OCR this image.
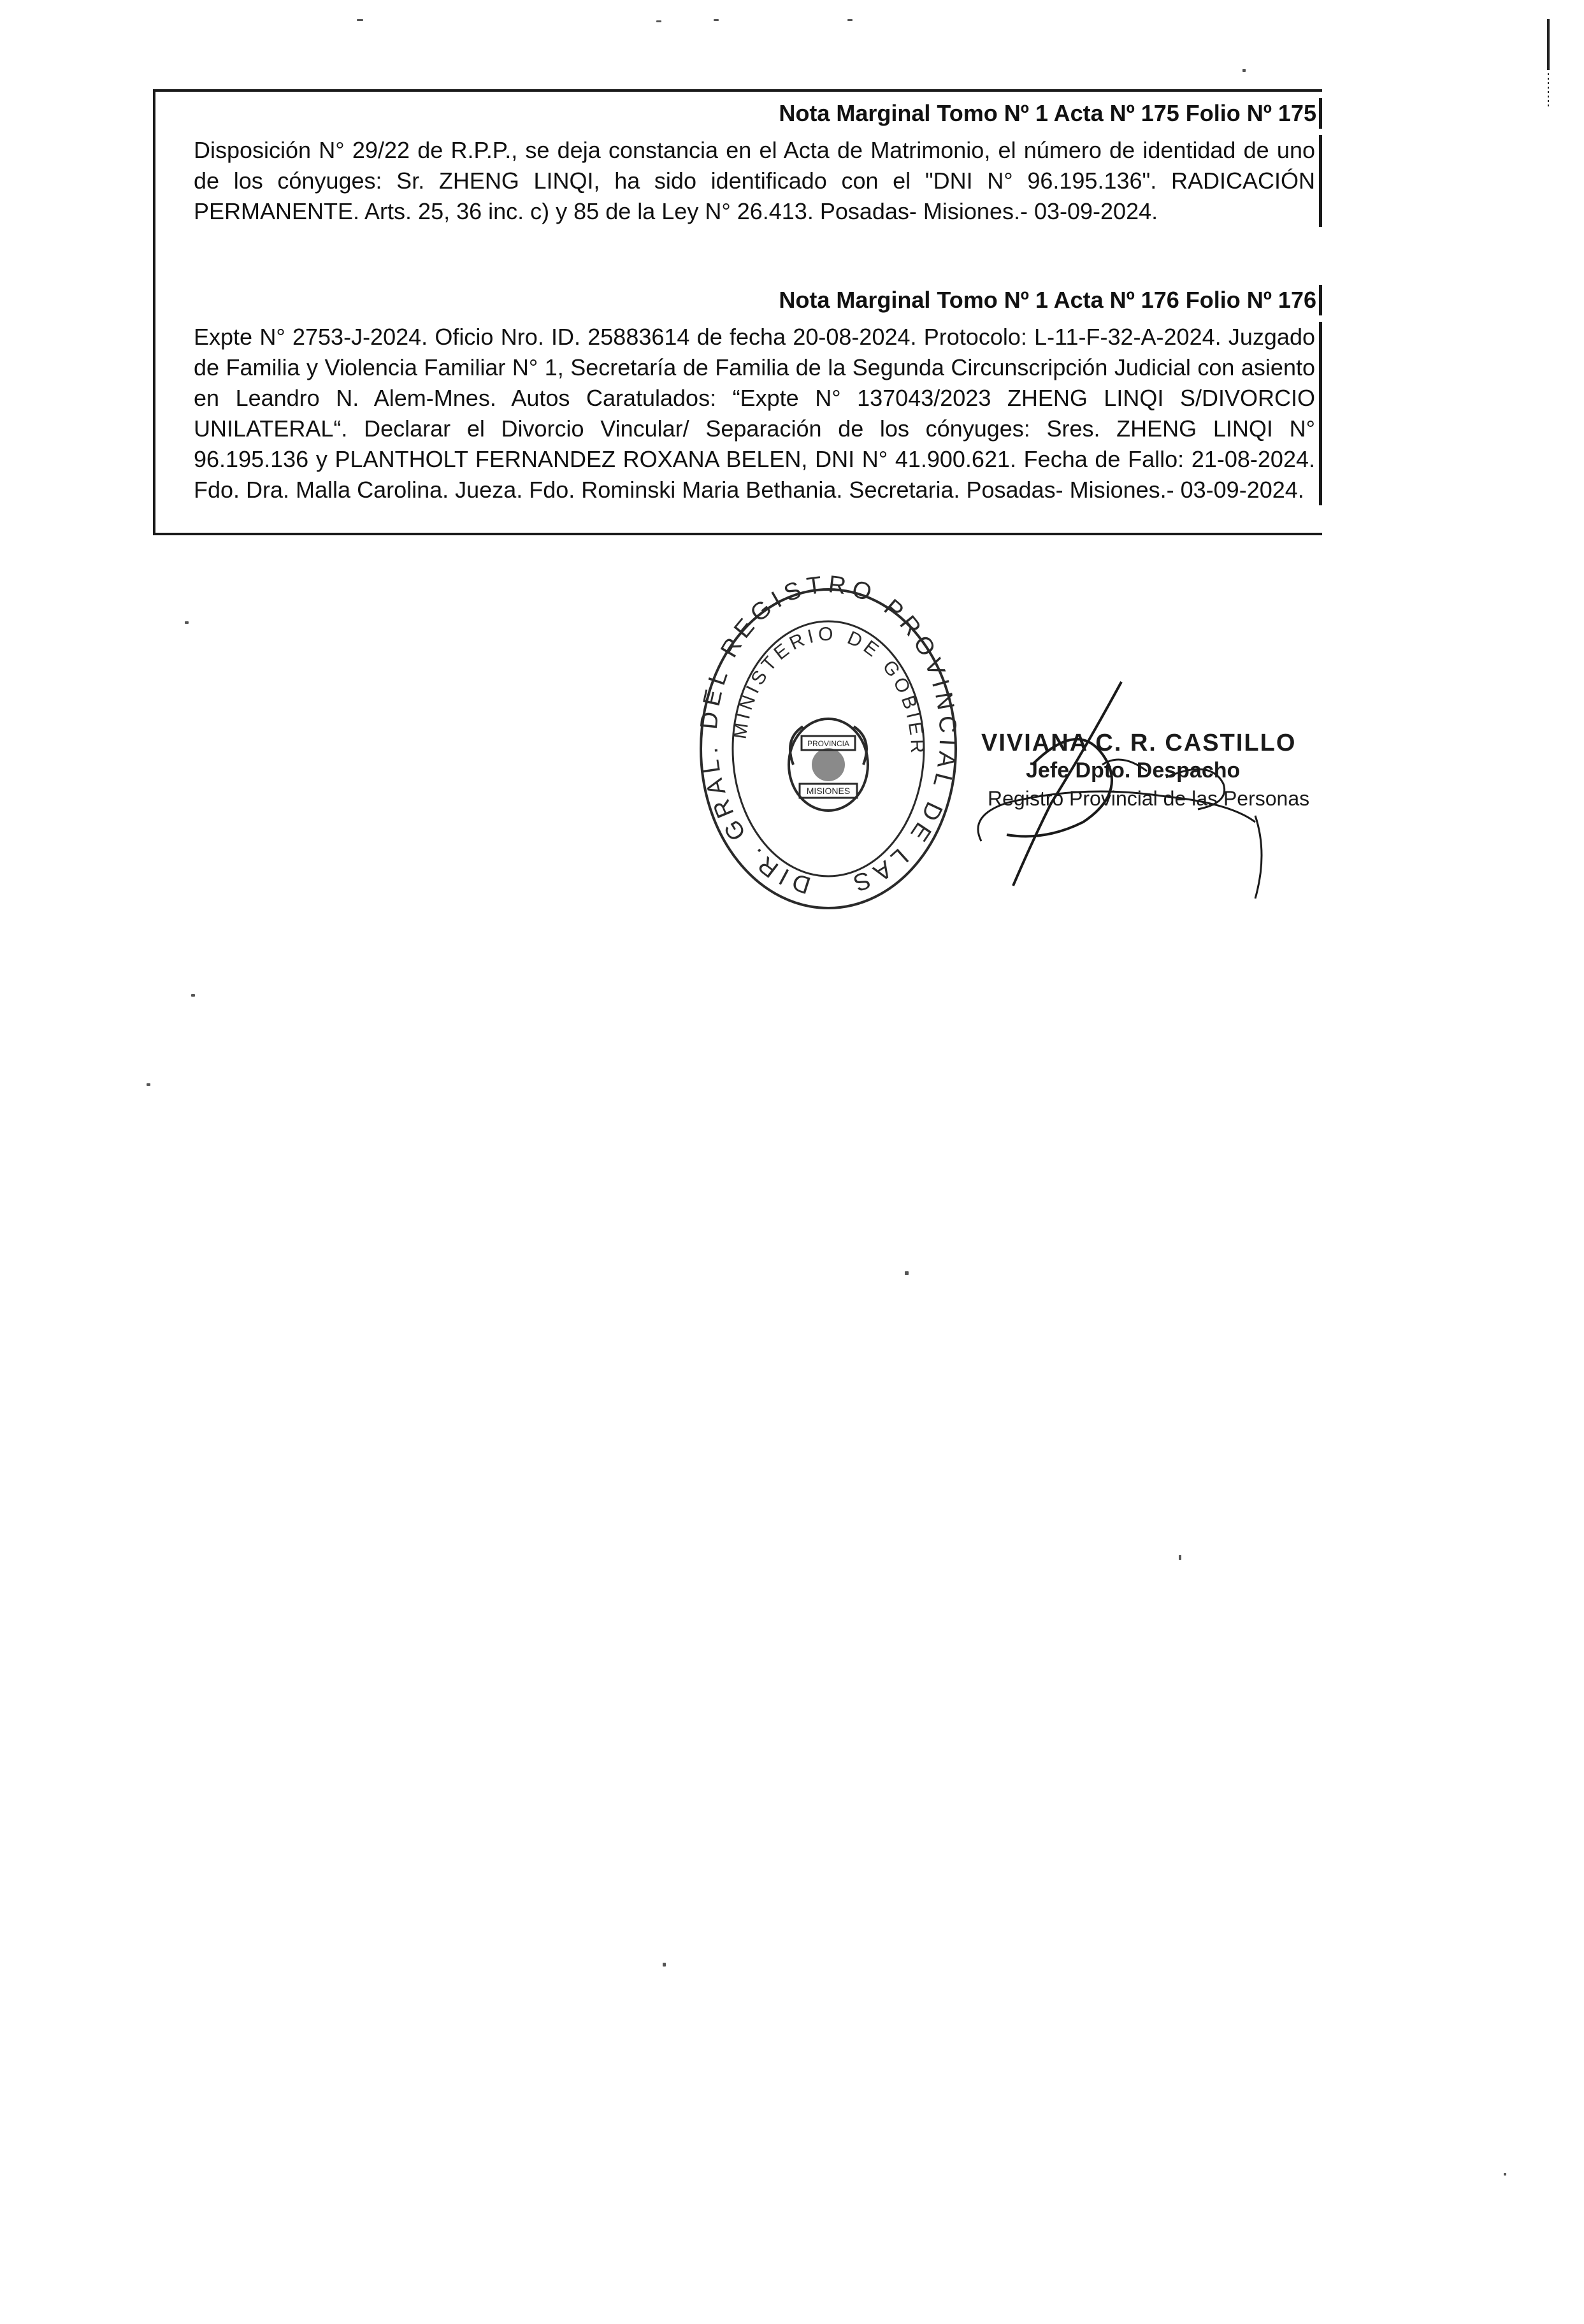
Nota Marginal Tomo Nº 1 Acta Nº 175 Folio Nº 175
Disposición N° 29/22 de R.P.P., se deja constancia en el Acta de Matrimonio, el número de identidad de uno de los cónyuges: Sr. ZHENG LINQI, ha sido identificado con el "DNI N° 96.195.136". RADICACIÓN PERMANENTE. Arts. 25, 36 inc. c) y 85 de la Ley N° 26.413. Posadas- Misiones.- 03-09-2024.
Nota Marginal Tomo Nº 1 Acta Nº 176 Folio Nº 176
Expte N° 2753-J-2024. Oficio Nro. ID. 25883614 de fecha 20-08-2024. Protocolo: L-11-F-32-A-2024. Juzgado de Familia y Violencia Familiar N° 1, Secretaría de Familia de la Segunda Circunscripción Judicial con asiento en Leandro N. Alem-Mnes. Autos Caratulados: “Expte N° 137043/2023 ZHENG LINQI S/DIVORCIO UNILATERAL“. Declarar el Divorcio Vincular/ Separación de los cónyuges: Sres. ZHENG LINQI N° 96.195.136 y PLANTHOLT FERNANDEZ ROXANA BELEN, DNI N° 41.900.621. Fecha de Fallo: 21-08-2024. Fdo. Dra. Malla Carolina. Jueza. Fdo. Rominski Maria Bethania. Secretaria. Posadas- Misiones.- 03-09-2024.
DIR. GRAL. DEL REGISTRO PROVINCIAL DE LAS
MINISTERIO DE GOBIER
PROVINCIA
MISIONES
VIVIANA C. R. CASTILLO
Jefe Dpto. Despacho
Registro Provincial de las Personas
